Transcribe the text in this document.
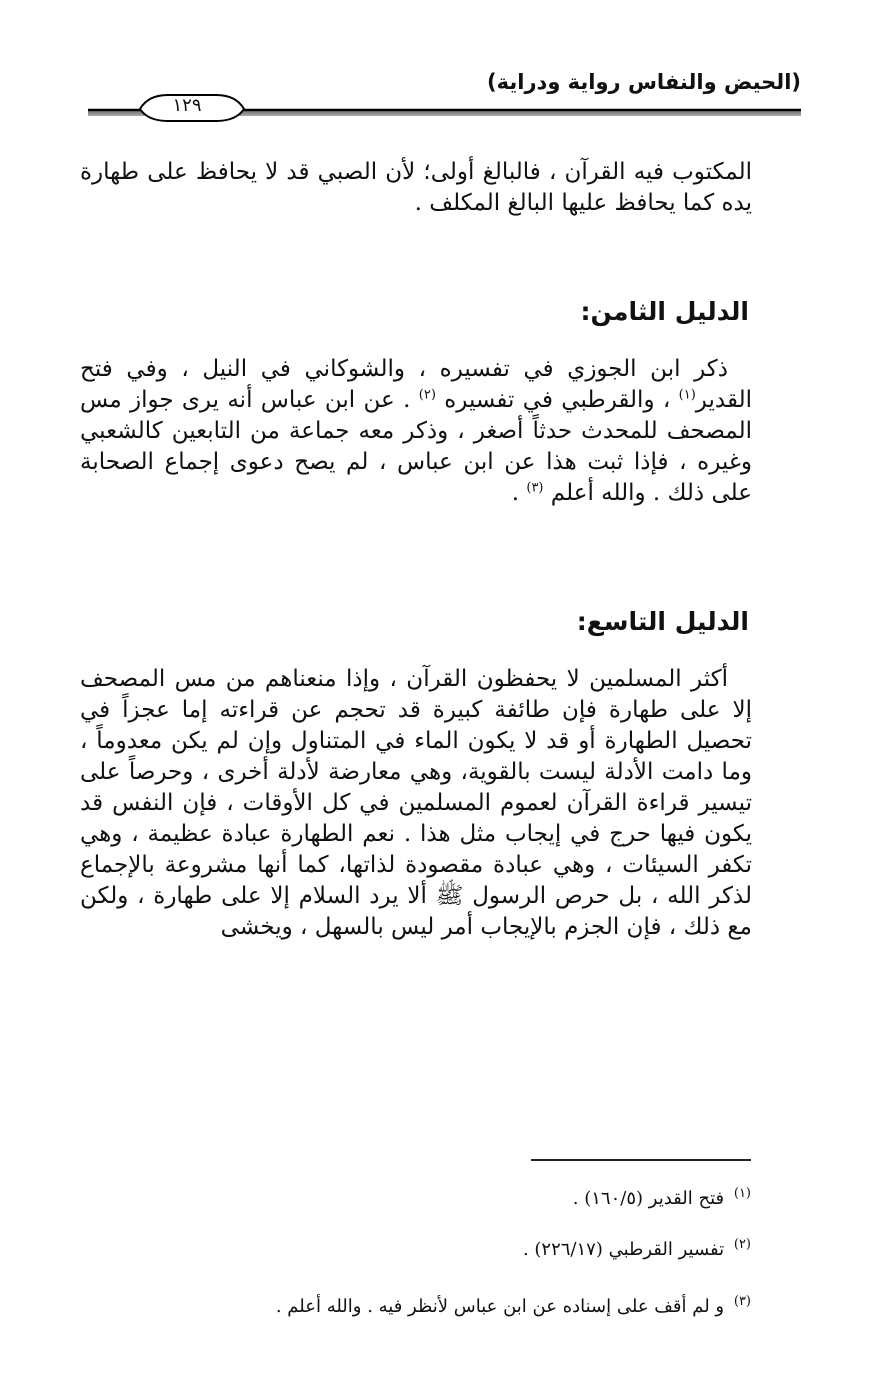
(الحيض والنفاس رواية ودراية)
١٢٩

المكتوب فيه القرآن ، فالبالغ أولى؛ لأن الصبي قد لا يحافظ على طهارة يده كما يحافظ عليها البالغ المكلف .

الدليل الثامن:

ذكر ابن الجوزي في تفسيره ، والشوكاني في النيل ، وفي فتح القدير$^{(١)}$ ، والقرطبي في تفسيره $^{(٢)}$ . عن ابن عباس أنه يرى جواز مس المصحف للمحدث حدثاً أصغر ، وذكر معه جماعة من التابعين كالشعبي وغيره ، فإذا ثبت هذا عن ابن عباس ، لم يصح دعوى إجماع الصحابة على ذلك . والله أعلم $^{(٣)}$ .

الدليل التاسع:

أكثر المسلمين لا يحفظون القرآن ، وإذا منعناهم من مس المصحف إلا على طهارة فإن طائفة كبيرة قد تحجم عن قراءته إما عجزاً في تحصيل الطهارة أو قد لا يكون الماء في المتناول وإن لم يكن معدوماً ، وما دامت الأدلة ليست بالقوية، وهي معارضة لأدلة أخرى ، وحرصاً على تيسير قراءة القرآن لعموم المسلمين في كل الأوقات ، فإن النفس قد يكون فيها حرج في إيجاب مثل هذا . نعم الطهارة عبادة عظيمة ، وهي تكفر السيئات ، وهي عبادة مقصودة لذاتها، كما أنها مشروعة بالإجماع لذكر الله ، بل حرص الرسول ﷺ ألا يرد السلام إلا على طهارة ، ولكن مع ذلك ، فإن الجزم بالإيجاب أمر ليس بالسهل ، ويخشى

$^{(١)}$ فتح القدير (١٦٠/٥) .
$^{(٢)}$ تفسير القرطبي (٢٢٦/١٧) .
$^{(٣)}$ و لم أقف على إسناده عن ابن عباس لأنظر فيه . والله أعلم .
